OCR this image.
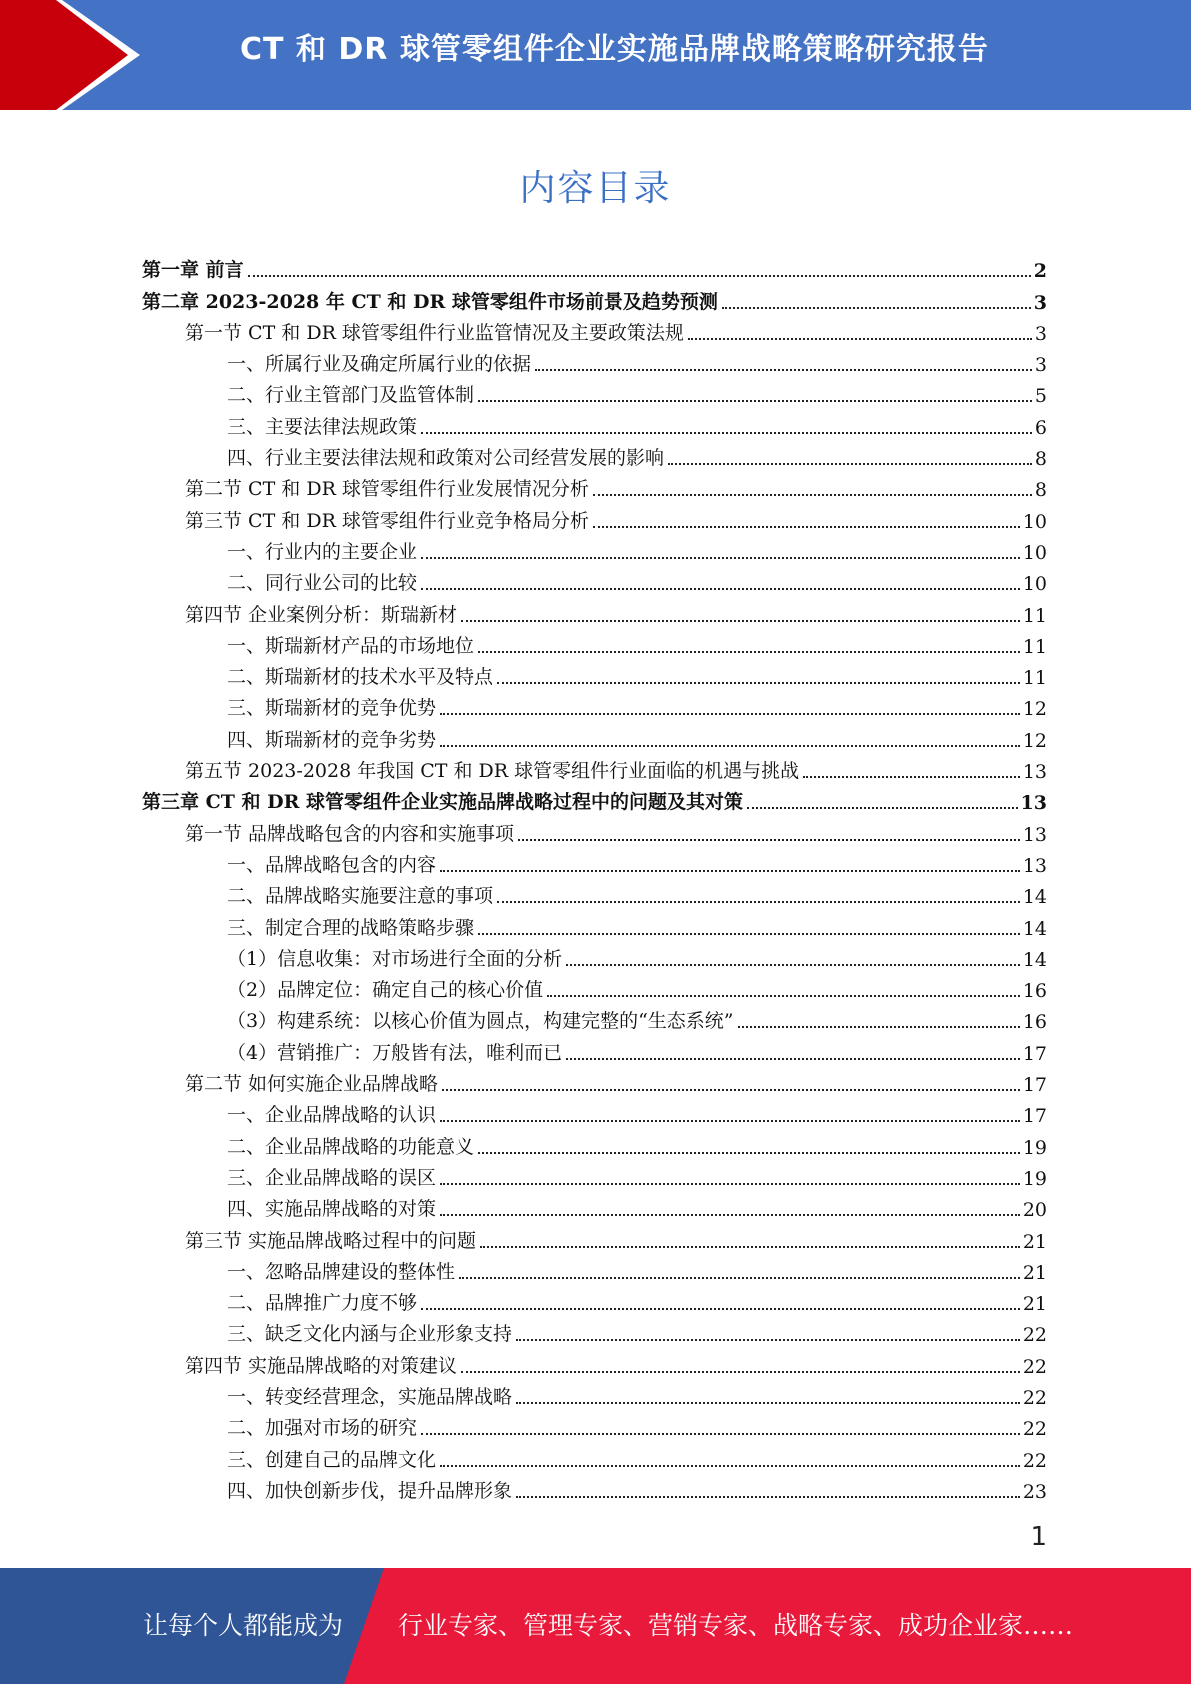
CT 和 DR 球管零组件企业实施品牌战略策略研究报告
内容目录
第一章 前言	2
第二章 2023-2028 年 CT 和 DR 球管零组件市场前景及趋势预测	3
第一节 CT 和 DR 球管零组件行业监管情况及主要政策法规	3
一、所属行业及确定所属行业的依据	3
二、行业主管部门及监管体制	5
三、主要法律法规政策	6
四、行业主要法律法规和政策对公司经营发展的影响	8
第二节 CT 和 DR 球管零组件行业发展情况分析	8
第三节 CT 和 DR 球管零组件行业竞争格局分析	10
一、行业内的主要企业	10
二、同行业公司的比较	10
第四节 企业案例分析：斯瑞新材	11
一、斯瑞新材产品的市场地位	11
二、斯瑞新材的技术水平及特点	11
三、斯瑞新材的竞争优势	12
四、斯瑞新材的竞争劣势	12
第五节 2023-2028 年我国 CT 和 DR 球管零组件行业面临的机遇与挑战	13
第三章 CT 和 DR 球管零组件企业实施品牌战略过程中的问题及其对策	13
第一节 品牌战略包含的内容和实施事项	13
一、品牌战略包含的内容	13
二、品牌战略实施要注意的事项	14
三、制定合理的战略策略步骤	14
（1）信息收集：对市场进行全面的分析	14
（2）品牌定位：确定自己的核心价值	16
（3）构建系统：以核心价值为圆点，构建完整的“生态系统”	16
（4）营销推广：万般皆有法，唯利而已	17
第二节 如何实施企业品牌战略	17
一、企业品牌战略的认识	17
二、企业品牌战略的功能意义	19
三、企业品牌战略的误区	19
四、实施品牌战略的对策	20
第三节 实施品牌战略过程中的问题	21
一、忽略品牌建设的整体性	21
二、品牌推广力度不够	21
三、缺乏文化内涵与企业形象支持	22
第四节 实施品牌战略的对策建议	22
一、转变经营理念，实施品牌战略	22
二、加强对市场的研究	22
三、创建自己的品牌文化	22
四、加快创新步伐，提升品牌形象	23
1
让每个人都能成为 行业专家、管理专家、营销专家、战略专家、成功企业家……
